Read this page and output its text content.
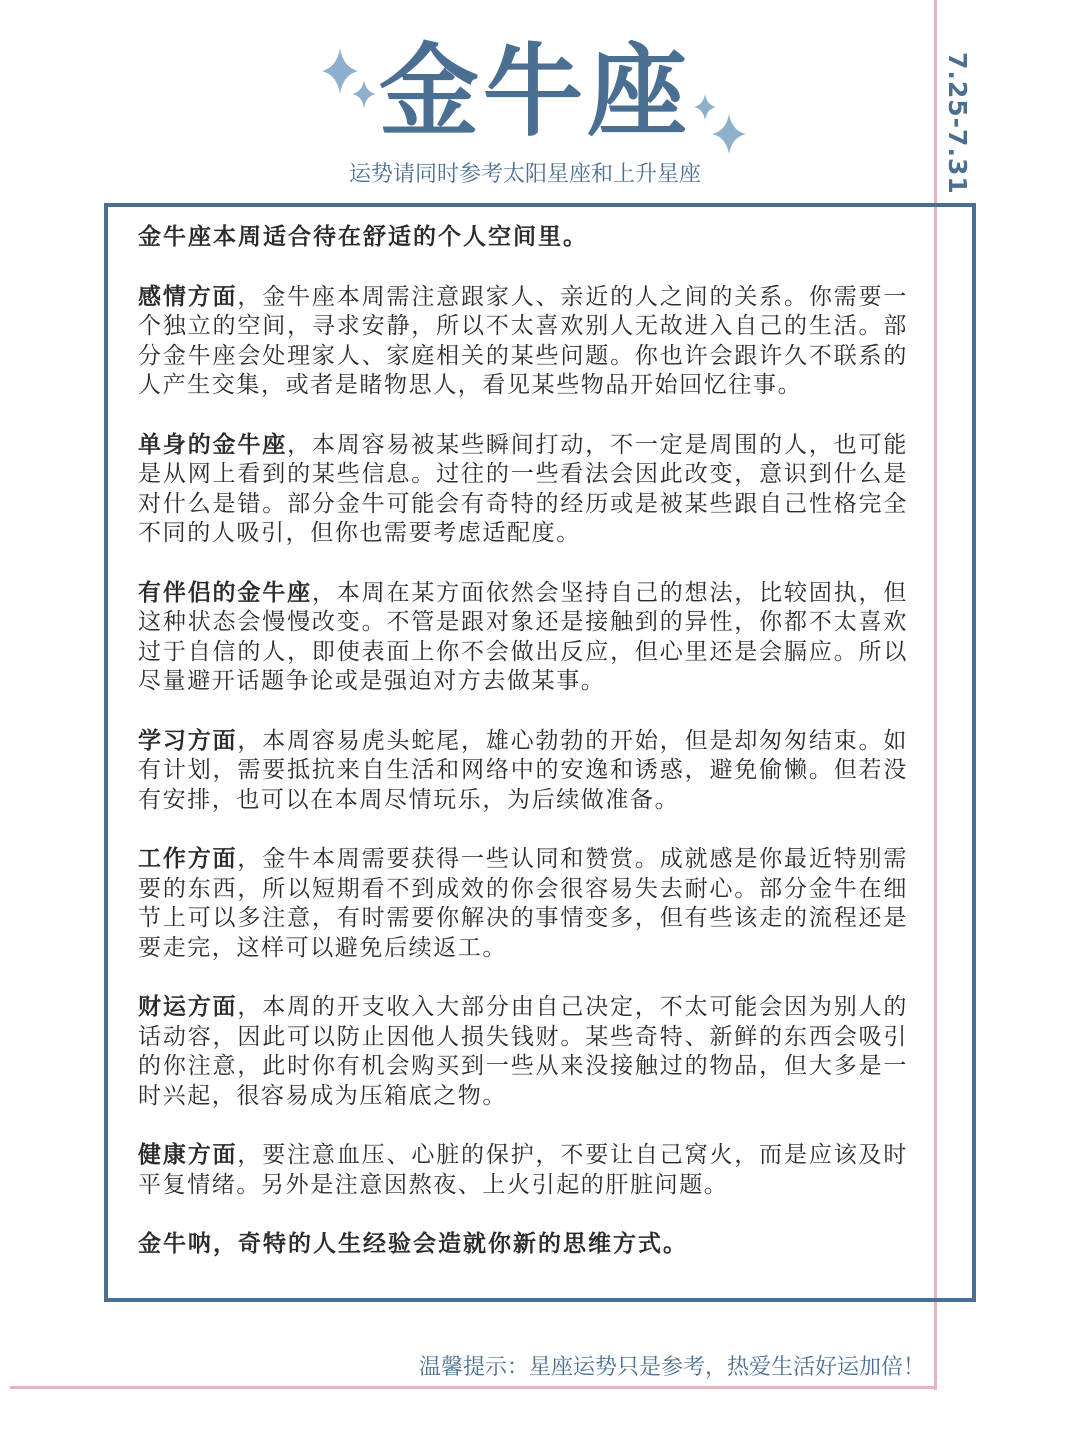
7.25-7.31
金牛座
运势请同时参考太阳星座和上升星座

金牛座本周适合待在舒适的个人空间里。

感情方面，金牛座本周需注意跟家人、亲近的人之间的关系。你需要一个独立的空间，寻求安静，所以不太喜欢别人无故进入自己的生活。部分金牛座会处理家人、家庭相关的某些问题。你也许会跟许久不联系的人产生交集，或者是睹物思人，看见某些物品开始回忆往事。

单身的金牛座，本周容易被某些瞬间打动，不一定是周围的人，也可能是从网上看到的某些信息。过往的一些看法会因此改变，意识到什么是对什么是错。部分金牛可能会有奇特的经历或是被某些跟自己性格完全不同的人吸引，但你也需要考虑适配度。

有伴侣的金牛座，本周在某方面依然会坚持自己的想法，比较固执，但这种状态会慢慢改变。不管是跟对象还是接触到的异性，你都不太喜欢过于自信的人，即使表面上你不会做出反应，但心里还是会膈应。所以尽量避开话题争论或是强迫对方去做某事。

学习方面，本周容易虎头蛇尾，雄心勃勃的开始，但是却匆匆结束。如有计划，需要抵抗来自生活和网络中的安逸和诱惑，避免偷懒。但若没有安排，也可以在本周尽情玩乐，为后续做准备。

工作方面，金牛本周需要获得一些认同和赞赏。成就感是你最近特别需要的东西，所以短期看不到成效的你会很容易失去耐心。部分金牛在细节上可以多注意，有时需要你解决的事情变多，但有些该走的流程还是要走完，这样可以避免后续返工。

财运方面，本周的开支收入大部分由自己决定，不太可能会因为别人的话动容，因此可以防止因他人损失钱财。某些奇特、新鲜的东西会吸引的你注意，此时你有机会购买到一些从来没接触过的物品，但大多是一时兴起，很容易成为压箱底之物。

健康方面，要注意血压、心脏的保护，不要让自己窝火，而是应该及时平复情绪。另外是注意因熬夜、上火引起的肝脏问题。

金牛呐，奇特的人生经验会造就你新的思维方式。

温馨提示：星座运势只是参考，热爱生活好运加倍！
